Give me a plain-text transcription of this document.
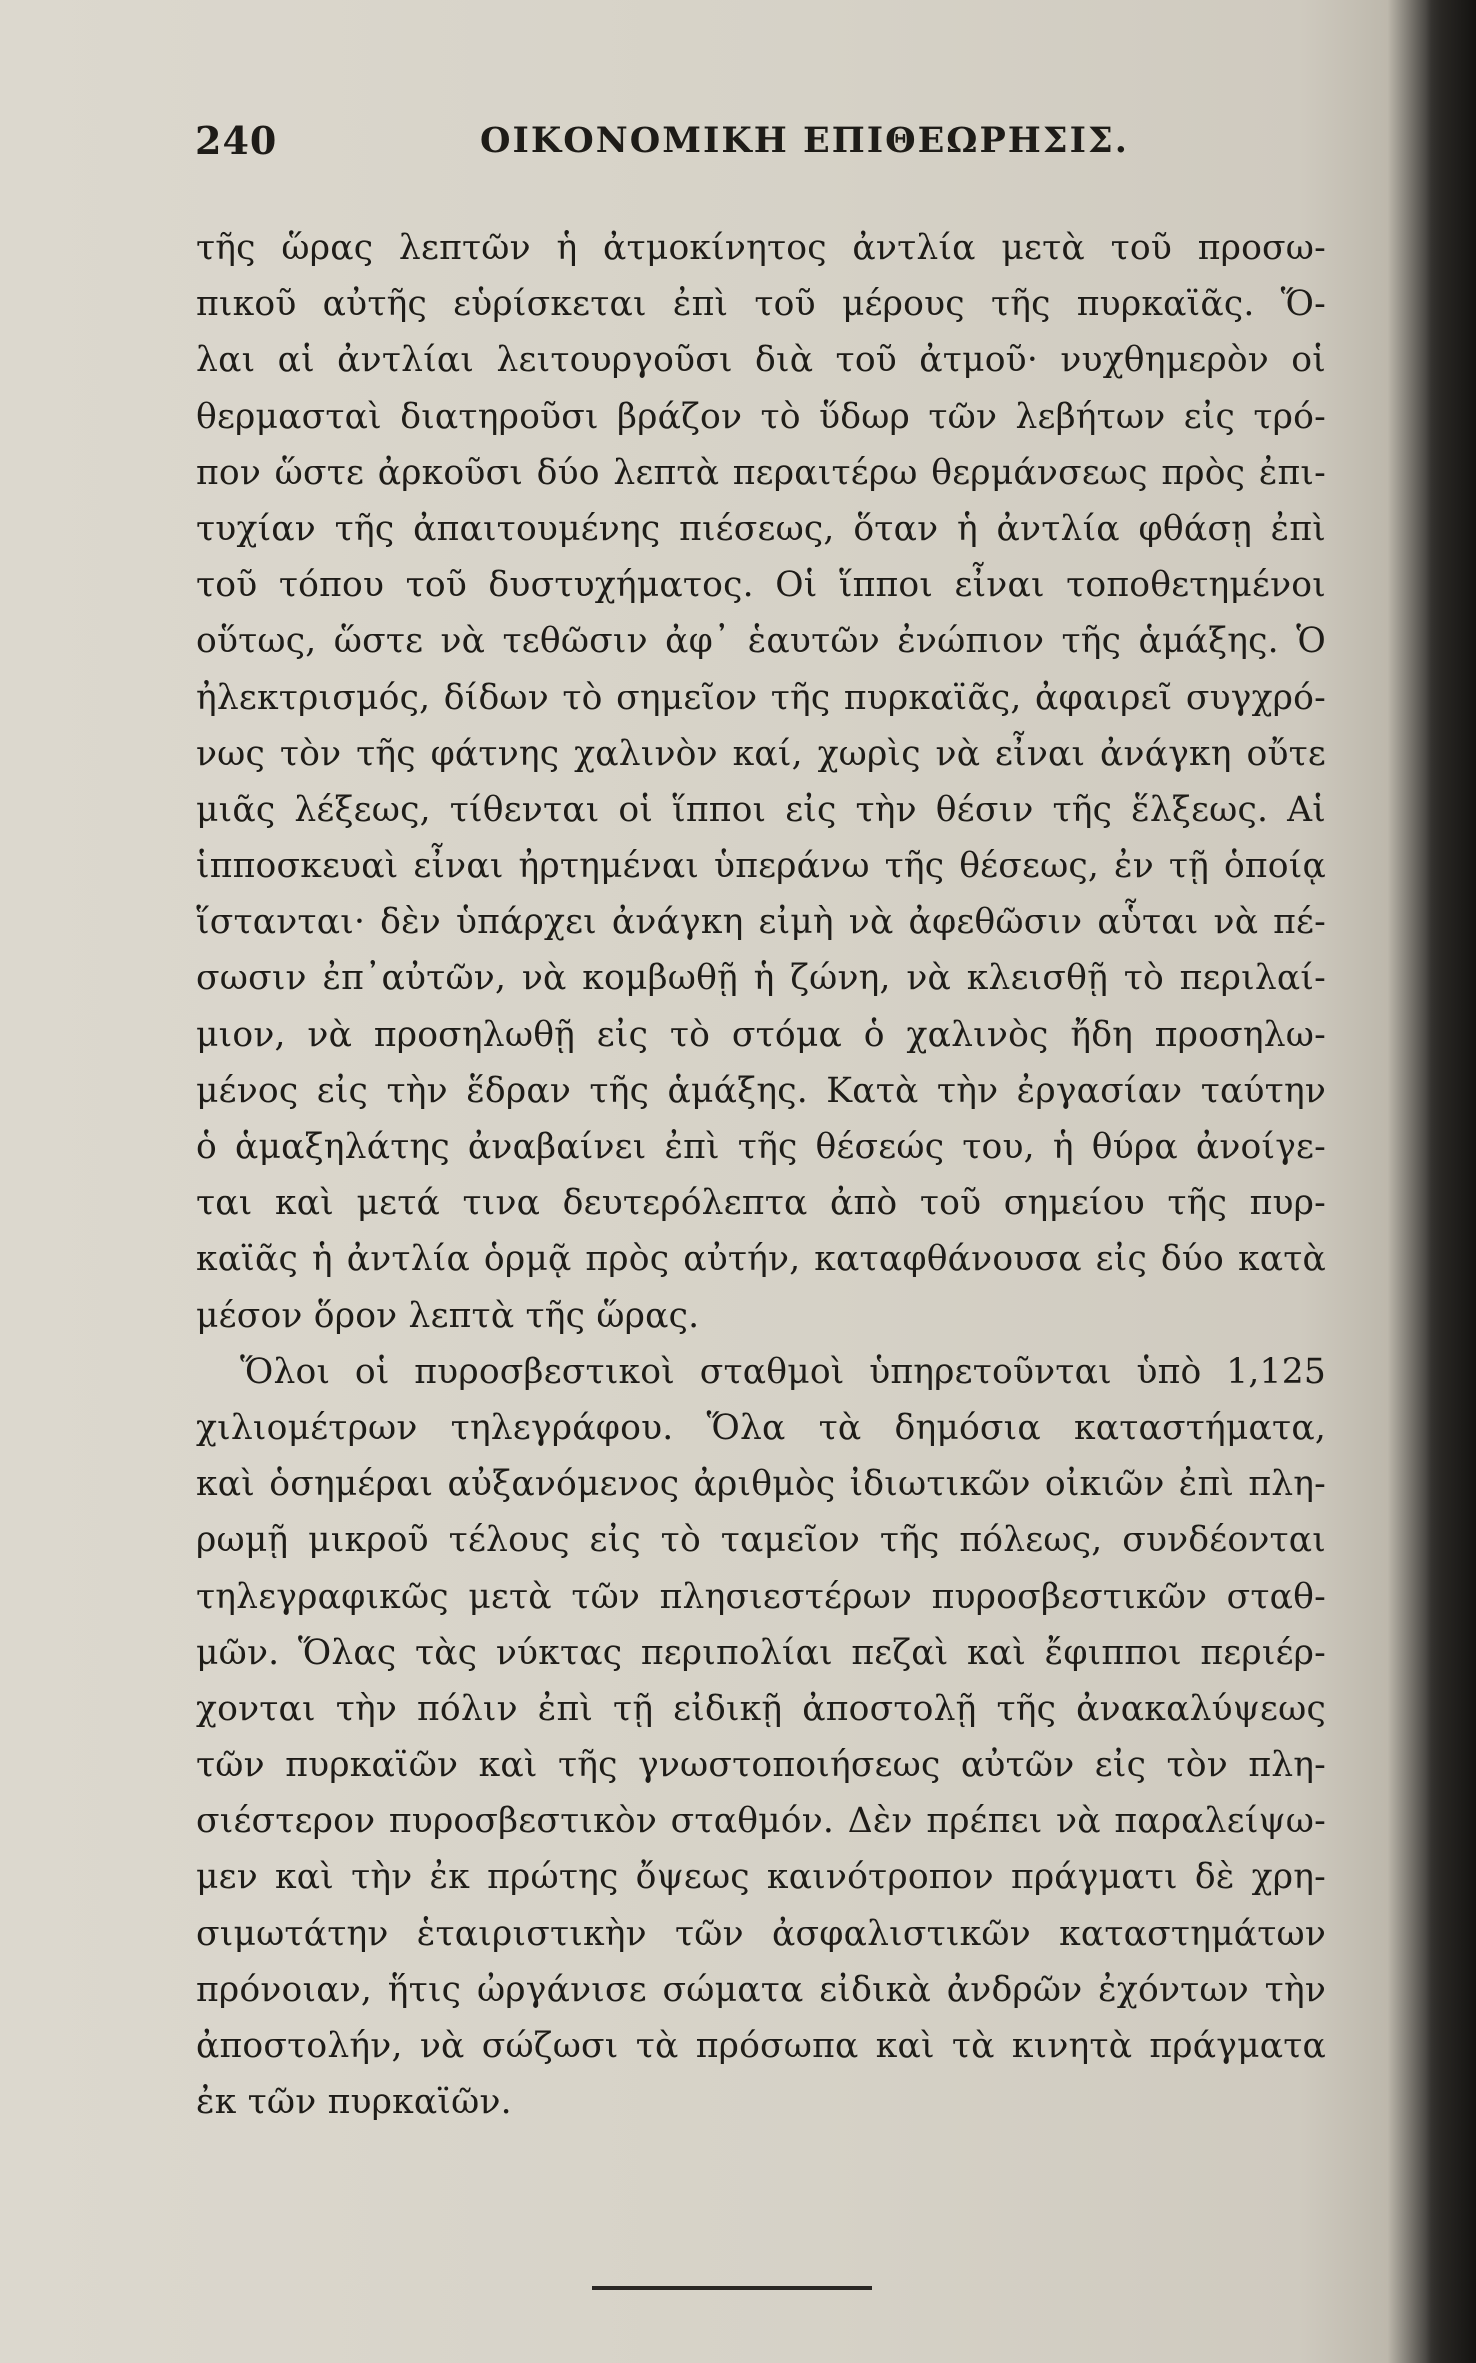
240	ΟΙΚΟΝΟΜΙΚΗ ΕΠΙΘΕΩΡΗΣΙΣ.
τῆς ὥρας λεπτῶν ἡ ἀτμοκίνητος ἀντλία μετὰ τοῦ προσω-
πικοῦ αὐτῆς εὑρίσκεται ἐπὶ τοῦ μέρους τῆς πυρκαϊᾶς. Ὅ-
λαι αἱ ἀντλίαι λειτουργοῦσι διὰ τοῦ ἀτμοῦ· νυχθημερὸν οἱ
θερμασταὶ διατηροῦσι βράζον τὸ ὕδωρ τῶν λεβήτων εἰς τρό-
πον ὥστε ἀρκοῦσι δύο λεπτὰ περαιτέρω θερμάνσεως πρὸς ἐπι-
τυχίαν τῆς ἀπαιτουμένης πιέσεως, ὅταν ἡ ἀντλία φθάσῃ ἐπὶ
τοῦ τόπου τοῦ δυστυχήματος. Οἱ ἵπποι εἶναι τοποθετημένοι
οὕτως, ὥστε νὰ τεθῶσιν ἀφ᾽ ἑαυτῶν ἐνώπιον τῆς ἁμάξης. Ὁ
ἠλεκτρισμός, δίδων τὸ σημεῖον τῆς πυρκαϊᾶς, ἀφαιρεῖ συγχρό-
νως τὸν τῆς φάτνης χαλινὸν καί, χωρὶς νὰ εἶναι ἀνάγκη οὔτε
μιᾶς λέξεως, τίθενται οἱ ἵπποι εἰς τὴν θέσιν τῆς ἕλξεως. Αἱ
ἱπποσκευαὶ εἶναι ἠρτημέναι ὑπεράνω τῆς θέσεως, ἐν τῇ ὁποίᾳ
ἵστανται· δὲν ὑπάρχει ἀνάγκη εἰμὴ νὰ ἀφεθῶσιν αὗται νὰ πέ-
σωσιν ἐπ᾽αὐτῶν, νὰ κομβωθῇ ἡ ζώνη, νὰ κλεισθῇ τὸ περιλαί-
μιον, νὰ προσηλωθῇ εἰς τὸ στόμα ὁ χαλινὸς ἤδη προσηλω-
μένος εἰς τὴν ἕδραν τῆς ἁμάξης. Κατὰ τὴν ἐργασίαν ταύτην
ὁ ἁμαξηλάτης ἀναβαίνει ἐπὶ τῆς θέσεώς του, ἡ θύρα ἀνοίγε-
ται καὶ μετά τινα δευτερόλεπτα ἀπὸ τοῦ σημείου τῆς πυρ-
καϊᾶς ἡ ἀντλία ὁρμᾷ πρὸς αὐτήν, καταφθάνουσα εἰς δύο κατὰ
μέσον ὅρον λεπτὰ τῆς ὥρας.
Ὅλοι οἱ πυροσβεστικοὶ σταθμοὶ ὑπηρετοῦνται ὑπὸ 1,125
χιλιομέτρων τηλεγράφου. Ὅλα τὰ δημόσια καταστήματα,
καὶ ὁσημέραι αὐξανόμενος ἀριθμὸς ἰδιωτικῶν οἰκιῶν ἐπὶ πλη-
ρωμῇ μικροῦ τέλους εἰς τὸ ταμεῖον τῆς πόλεως, συνδέονται
τηλεγραφικῶς μετὰ τῶν πλησιεστέρων πυροσβεστικῶν σταθ-
μῶν. Ὅλας τὰς νύκτας περιπολίαι πεζαὶ καὶ ἔφιπποι περιέρ-
χονται τὴν πόλιν ἐπὶ τῇ εἰδικῇ ἀποστολῇ τῆς ἀνακαλύψεως
τῶν πυρκαϊῶν καὶ τῆς γνωστοποιήσεως αὐτῶν εἰς τὸν πλη-
σιέστερον πυροσβεστικὸν σταθμόν. Δὲν πρέπει νὰ παραλείψω-
μεν καὶ τὴν ἐκ πρώτης ὄψεως καινότροπον πράγματι δὲ χρη-
σιμωτάτην ἑταιριστικὴν τῶν ἀσφαλιστικῶν καταστημάτων
πρόνοιαν, ἥτις ὠργάνισε σώματα εἰδικὰ ἀνδρῶν ἐχόντων τὴν
ἀποστολήν, νὰ σώζωσι τὰ πρόσωπα καὶ τὰ κινητὰ πράγματα
ἐκ τῶν πυρκαϊῶν.
